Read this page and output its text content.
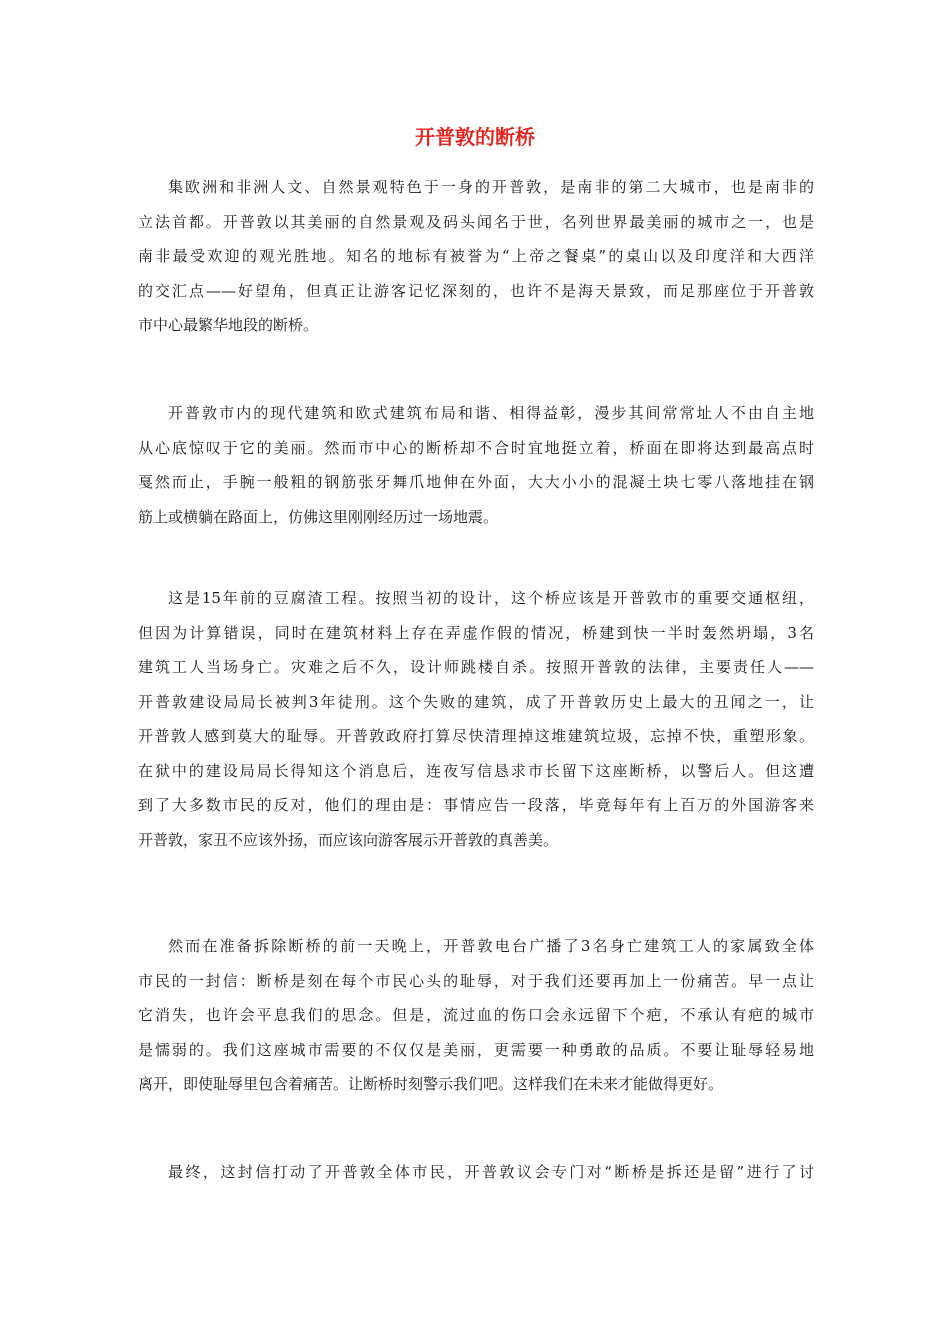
开普敦的断桥

集欧洲和非洲人文、自然景观特色于一身的开普敦，是南非的第二大城市，也是南非的
立法首都。开普敦以其美丽的自然景观及码头闻名于世，名列世界最美丽的城市之一，也是
南非最受欢迎的观光胜地。知名的地标有被誉为“上帝之餐桌”的桌山以及印度洋和大西洋
的交汇点——好望角，但真正让游客记忆深刻的，也许不是海天景致，而足那座位于开普敦
市中心最繁华地段的断桥。

开普敦市内的现代建筑和欧式建筑布局和谐、相得益彰，漫步其间常常址人不由自主地
从心底惊叹于它的美丽。然而市中心的断桥却不合时宜地挺立着，桥面在即将达到最高点时
戛然而止，手腕一般粗的钢筋张牙舞爪地伸在外面，大大小小的混凝土块七零八落地挂在钢
筋上或横躺在路面上，仿佛这里刚刚经历过一场地震。

这是15年前的豆腐渣工程。按照当初的设计，这个桥应该是开普敦市的重要交通枢纽，
但因为计算错误，同时在建筑材料上存在弄虚作假的情况，桥建到快一半时轰然坍塌，3名
建筑工人当场身亡。灾难之后不久，设计师跳楼自杀。按照开普敦的法律，主要责任人——
开普敦建设局局长被判3年徒刑。这个失败的建筑，成了开普敦历史上最大的丑闻之一，让
开普敦人感到莫大的耻辱。开普敦政府打算尽快清理掉这堆建筑垃圾，忘掉不快，重塑形象。
在狱中的建设局局长得知这个消息后，连夜写信恳求市长留下这座断桥，以警后人。但这遭
到了大多数市民的反对，他们的理由是：事情应告一段落，毕竟每年有上百万的外国游客来
开普敦，家丑不应该外扬，而应该向游客展示开普敦的真善美。

然而在准备拆除断桥的前一天晚上，开普敦电台广播了3名身亡建筑工人的家属致全体
市民的一封信：断桥是刻在每个市民心头的耻辱，对于我们还要再加上一份痛苦。早一点让
它消失，也许会平息我们的思念。但是，流过血的伤口会永远留下个疤，不承认有疤的城市
是懦弱的。我们这座城市需要的不仅仅是美丽，更需要一种勇敢的品质。不要让耻辱轻易地
离开，即使耻辱里包含着痛苦。让断桥时刻警示我们吧。这样我们在未来才能做得更好。

最终，这封信打动了开普敦全体市民，开普敦议会专门对“断桥是拆还是留”进行了讨
